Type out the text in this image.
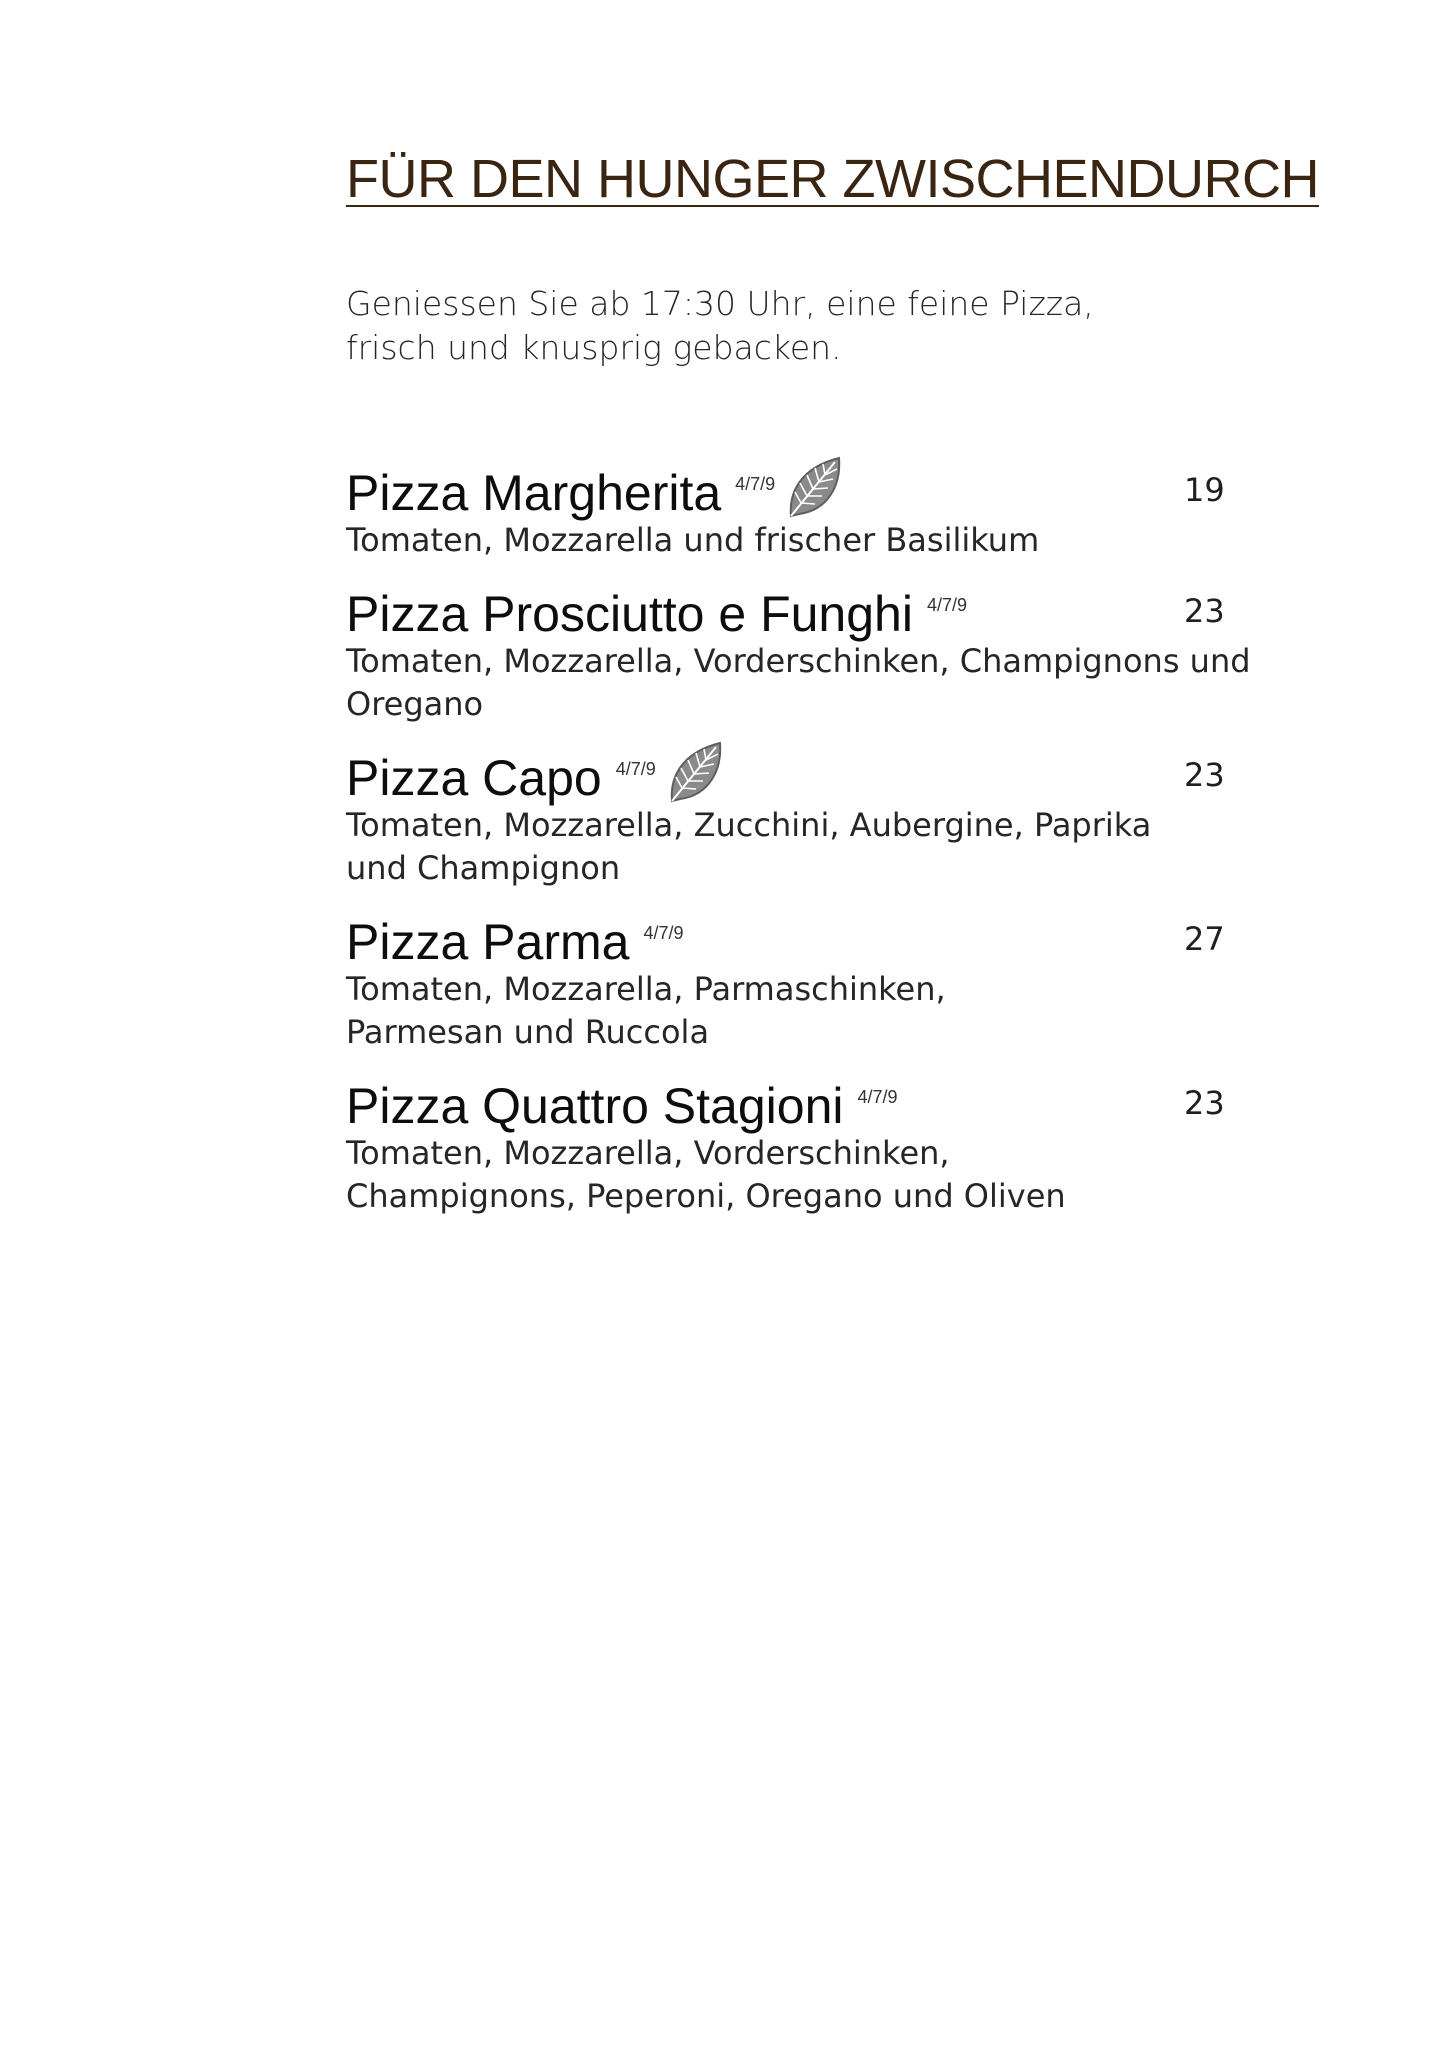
FÜR DEN HUNGER ZWISCHENDURCH
Geniessen Sie ab 17:30 Uhr, eine feine Pizza,
frisch und knusprig gebacken.
Pizza Margherita $^{4/7/9}$	19
Tomaten, Mozzarella und frischer Basilikum
Pizza Prosciutto e Funghi $^{4/7/9}$	23
Tomaten, Mozzarella, Vorderschinken, Champignons und
Oregano
Pizza Capo $^{4/7/9}$	23
Tomaten, Mozzarella, Zucchini, Aubergine, Paprika
und Champignon
Pizza Parma $^{4/7/9}$	27
Tomaten, Mozzarella, Parmaschinken,
Parmesan und Ruccola
Pizza Quattro Stagioni $^{4/7/9}$	23
Tomaten, Mozzarella, Vorderschinken,
Champignons, Peperoni, Oregano und Oliven
